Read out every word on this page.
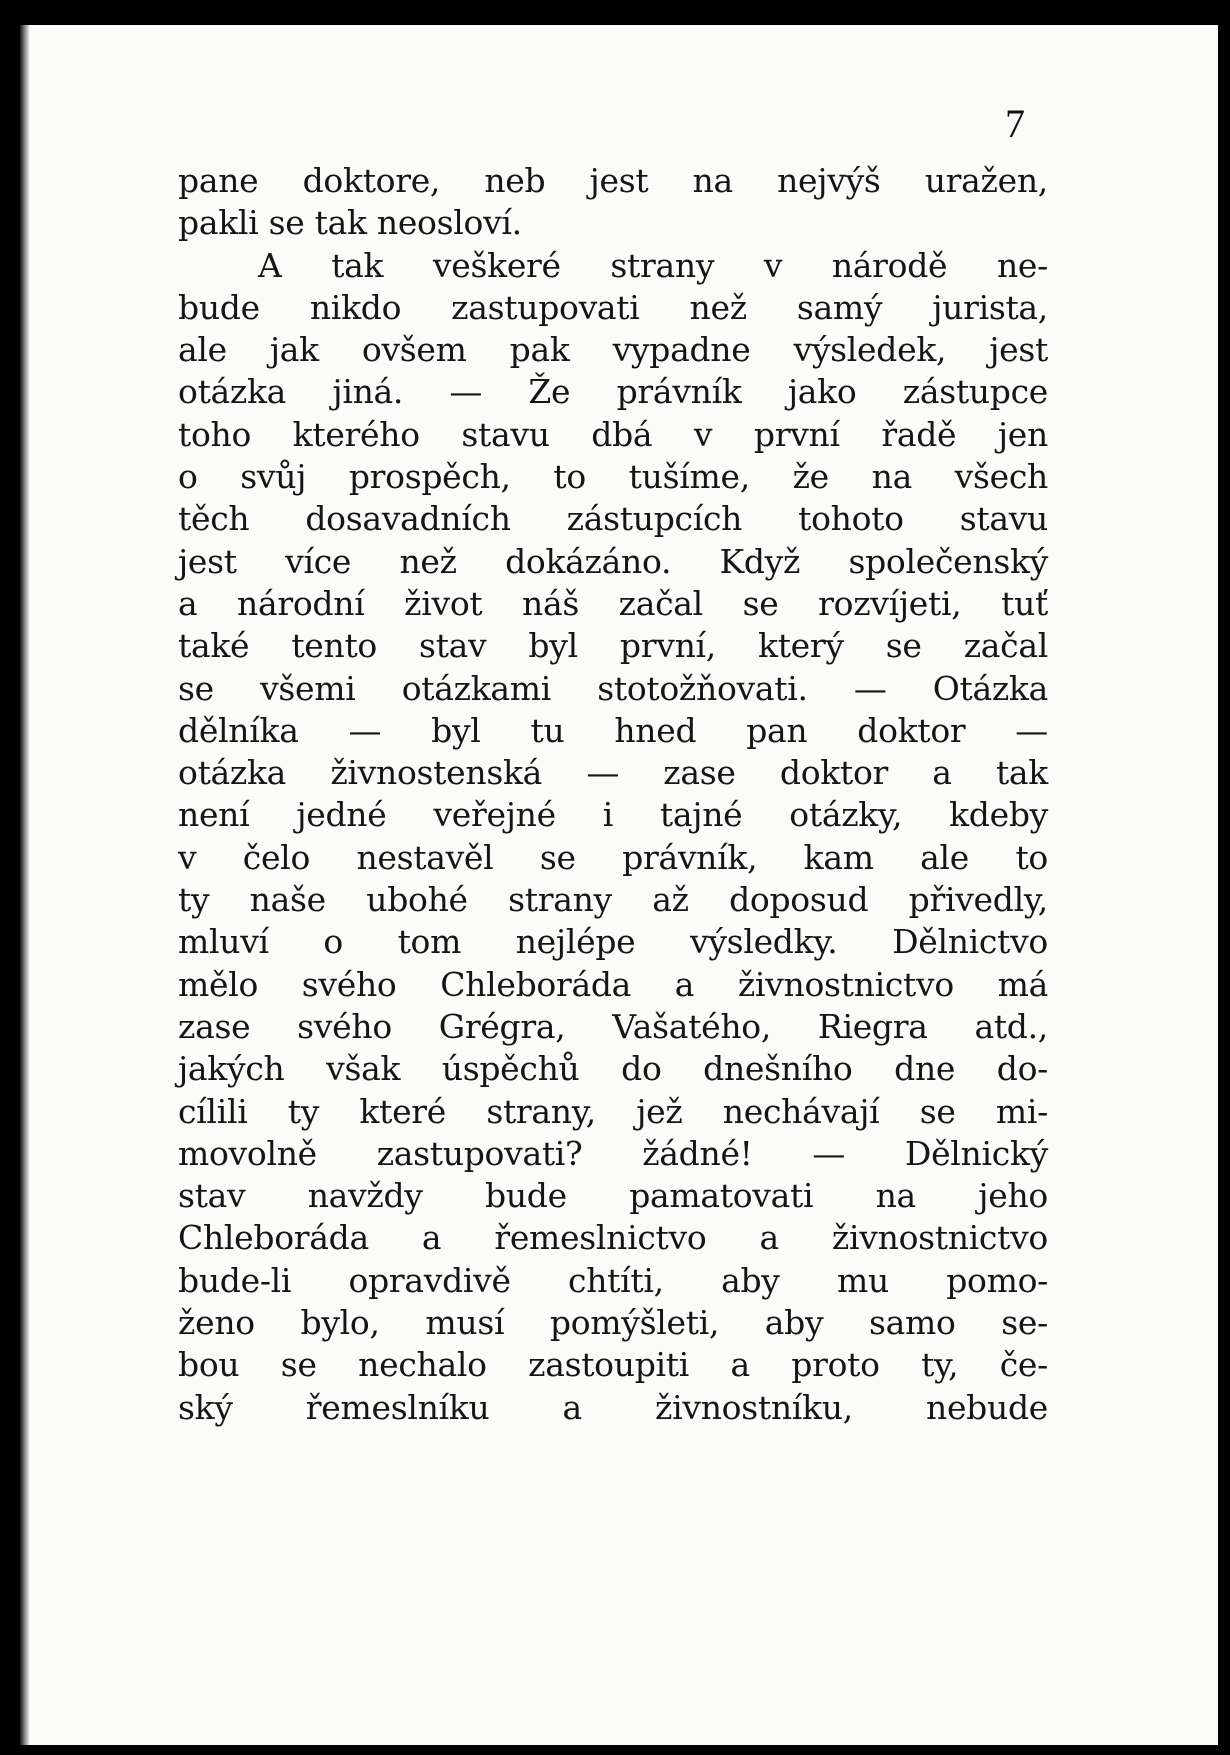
7
pane doktore, neb jest na nejvýš uražen,
pakli se tak neosloví.
A tak veškeré strany v národě ne-
bude nikdo zastupovati než samý jurista,
ale jak ovšem pak vypadne výsledek, jest
otázka jiná. — Že právník jako zástupce
toho kterého stavu dbá v první řadě jen
o svůj prospěch, to tušíme, že na všech
těch dosavadních zástupcích tohoto stavu
jest více než dokázáno. Když společenský
a národní život náš začal se rozvíjeti, tuť
také tento stav byl první, který se začal
se všemi otázkami stotožňovati. — Otázka
dělníka — byl tu hned pan doktor —
otázka živnostenská — zase doktor a tak
není jedné veřejné i tajné otázky, kdeby
v čelo nestavěl se právník, kam ale to
ty naše ubohé strany až doposud přivedly,
mluví o tom nejlépe výsledky. Dělnictvo
mělo svého Chleboráda a živnostnictvo má
zase svého Grégra, Vašatého, Riegra atd.,
jakých však úspěchů do dnešního dne do-
cílili ty které strany, jež nechávají se mi-
movolně zastupovati? žádné! — Dělnický
stav navždy bude pamatovati na jeho
Chleboráda a řemeslnictvo a živnostnictvo
bude-li opravdivě chtíti, aby mu pomo-
ženo bylo, musí pomýšleti, aby samo se-
bou se nechalo zastoupiti a proto ty, če-
ský řemeslníku a živnostníku, nebude
